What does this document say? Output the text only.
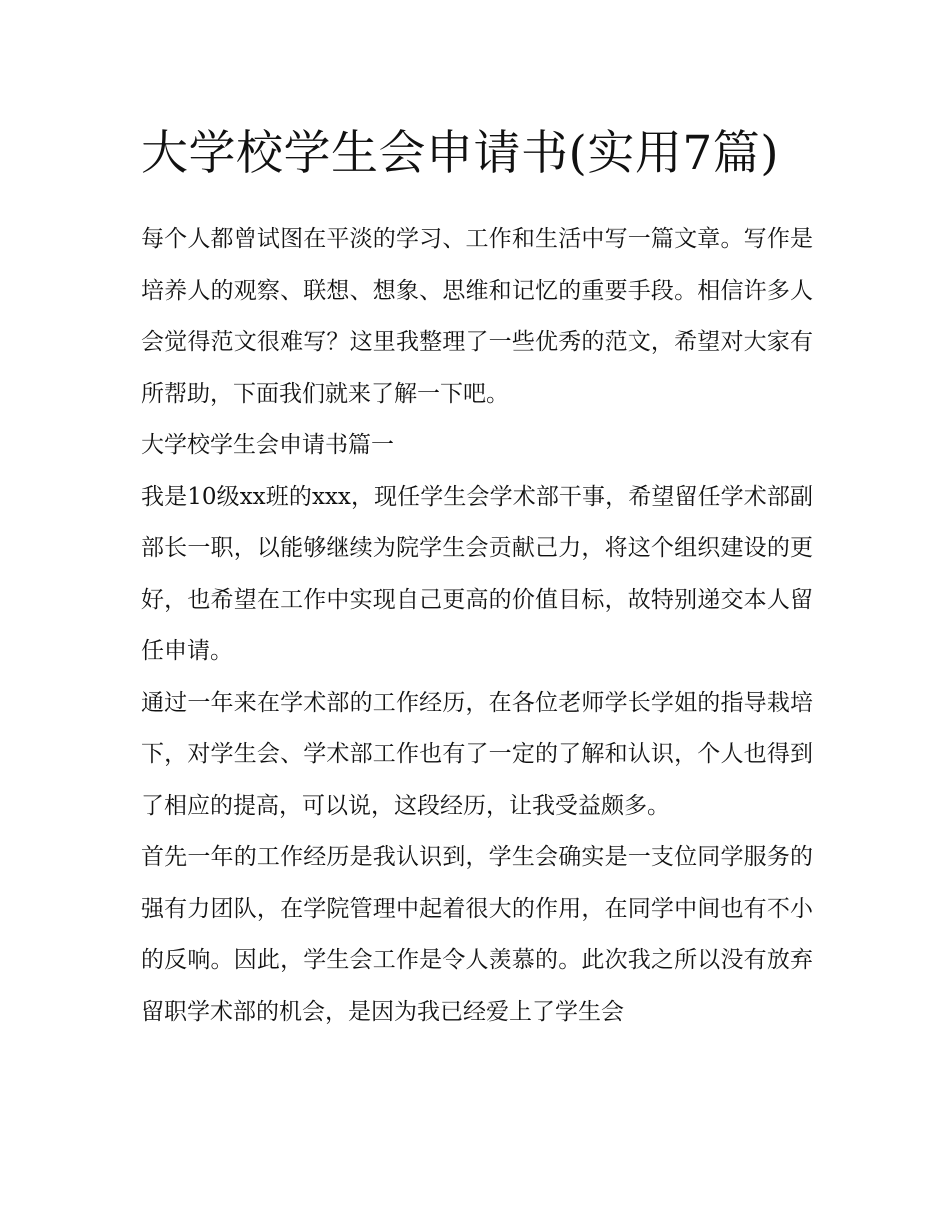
大学校学生会申请书(实用7篇)

每个人都曾试图在平淡的学习、工作和生活中写一篇文章。写作是培养人的观察、联想、想象、思维和记忆的重要手段。相信许多人会觉得范文很难写？这里我整理了一些优秀的范文，希望对大家有所帮助，下面我们就来了解一下吧。

大学校学生会申请书篇一

我是10级xx班的xxx，现任学生会学术部干事，希望留任学术部副部长一职，以能够继续为院学生会贡献己力，将这个组织建设的更好，也希望在工作中实现自己更高的价值目标，故特别递交本人留任申请。

通过一年来在学术部的工作经历，在各位老师学长学姐的指导栽培下，对学生会、学术部工作也有了一定的了解和认识，个人也得到了相应的提高，可以说，这段经历，让我受益颇多。

首先一年的工作经历是我认识到，学生会确实是一支位同学服务的强有力团队，在学院管理中起着很大的作用，在同学中间也有不小的反响。因此，学生会工作是令人羡慕的。此次我之所以没有放弃留职学术部的机会，是因为我已经爱上了学生会
